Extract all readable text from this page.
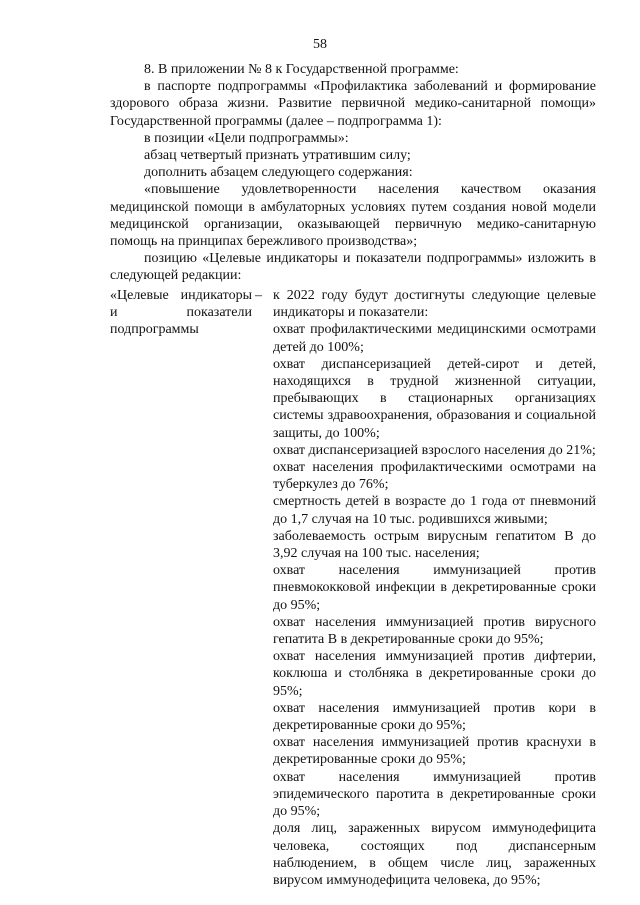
58

8. В приложении № 8 к Государственной программе:

в паспорте подпрограммы «Профилактика заболеваний и формирование здорового образа жизни. Развитие первичной медико-санитарной помощи» Государственной программы (далее – подпрограмма 1):

в позиции «Цели подпрограммы»:

абзац четвертый признать утратившим силу;

дополнить абзацем следующего содержания:

«повышение удовлетворенности населения качеством оказания медицинской помощи в амбулаторных условиях путем создания новой модели медицинской организации, оказывающей первичную медико-санитарную помощь на принципах бережливого производства»;

позицию «Целевые индикаторы и показатели подпрограммы» изложить в следующей редакции:

«Целевые индикаторы и показатели подпрограммы
– к 2022 году будут достигнуты следующие целевые индикаторы и показатели:

охват профилактическими медицинскими осмотрами детей до 100%;

охват диспансеризацией детей-сирот и детей, находящихся в трудной жизненной ситуации, пребывающих в стационарных организациях системы здравоохранения, образования и социальной защиты, до 100%;

охват диспансеризацией взрослого населения до 21%;

охват населения профилактическими осмотрами на туберкулез до 76%;

смертность детей в возрасте до 1 года от пневмоний до 1,7 случая на 10 тыс. родившихся живыми;

заболеваемость острым вирусным гепатитом В до 3,92 случая на 100 тыс. населения;

охват населения иммунизацией против пневмококковой инфекции в декретированные сроки до 95%;

охват населения иммунизацией против вирусного гепатита В в декретированные сроки до 95%;

охват населения иммунизацией против дифтерии, коклюша и столбняка в декретированные сроки до 95%;

охват населения иммунизацией против кори в декретированные сроки до 95%;

охват населения иммунизацией против краснухи в декретированные сроки до 95%;

охват населения иммунизацией против эпидемического паротита в декретированные сроки до 95%;

доля лиц, зараженных вирусом иммунодефицита человека, состоящих под диспансерным наблюдением, в общем числе лиц, зараженных вирусом иммунодефицита человека, до 95%;
